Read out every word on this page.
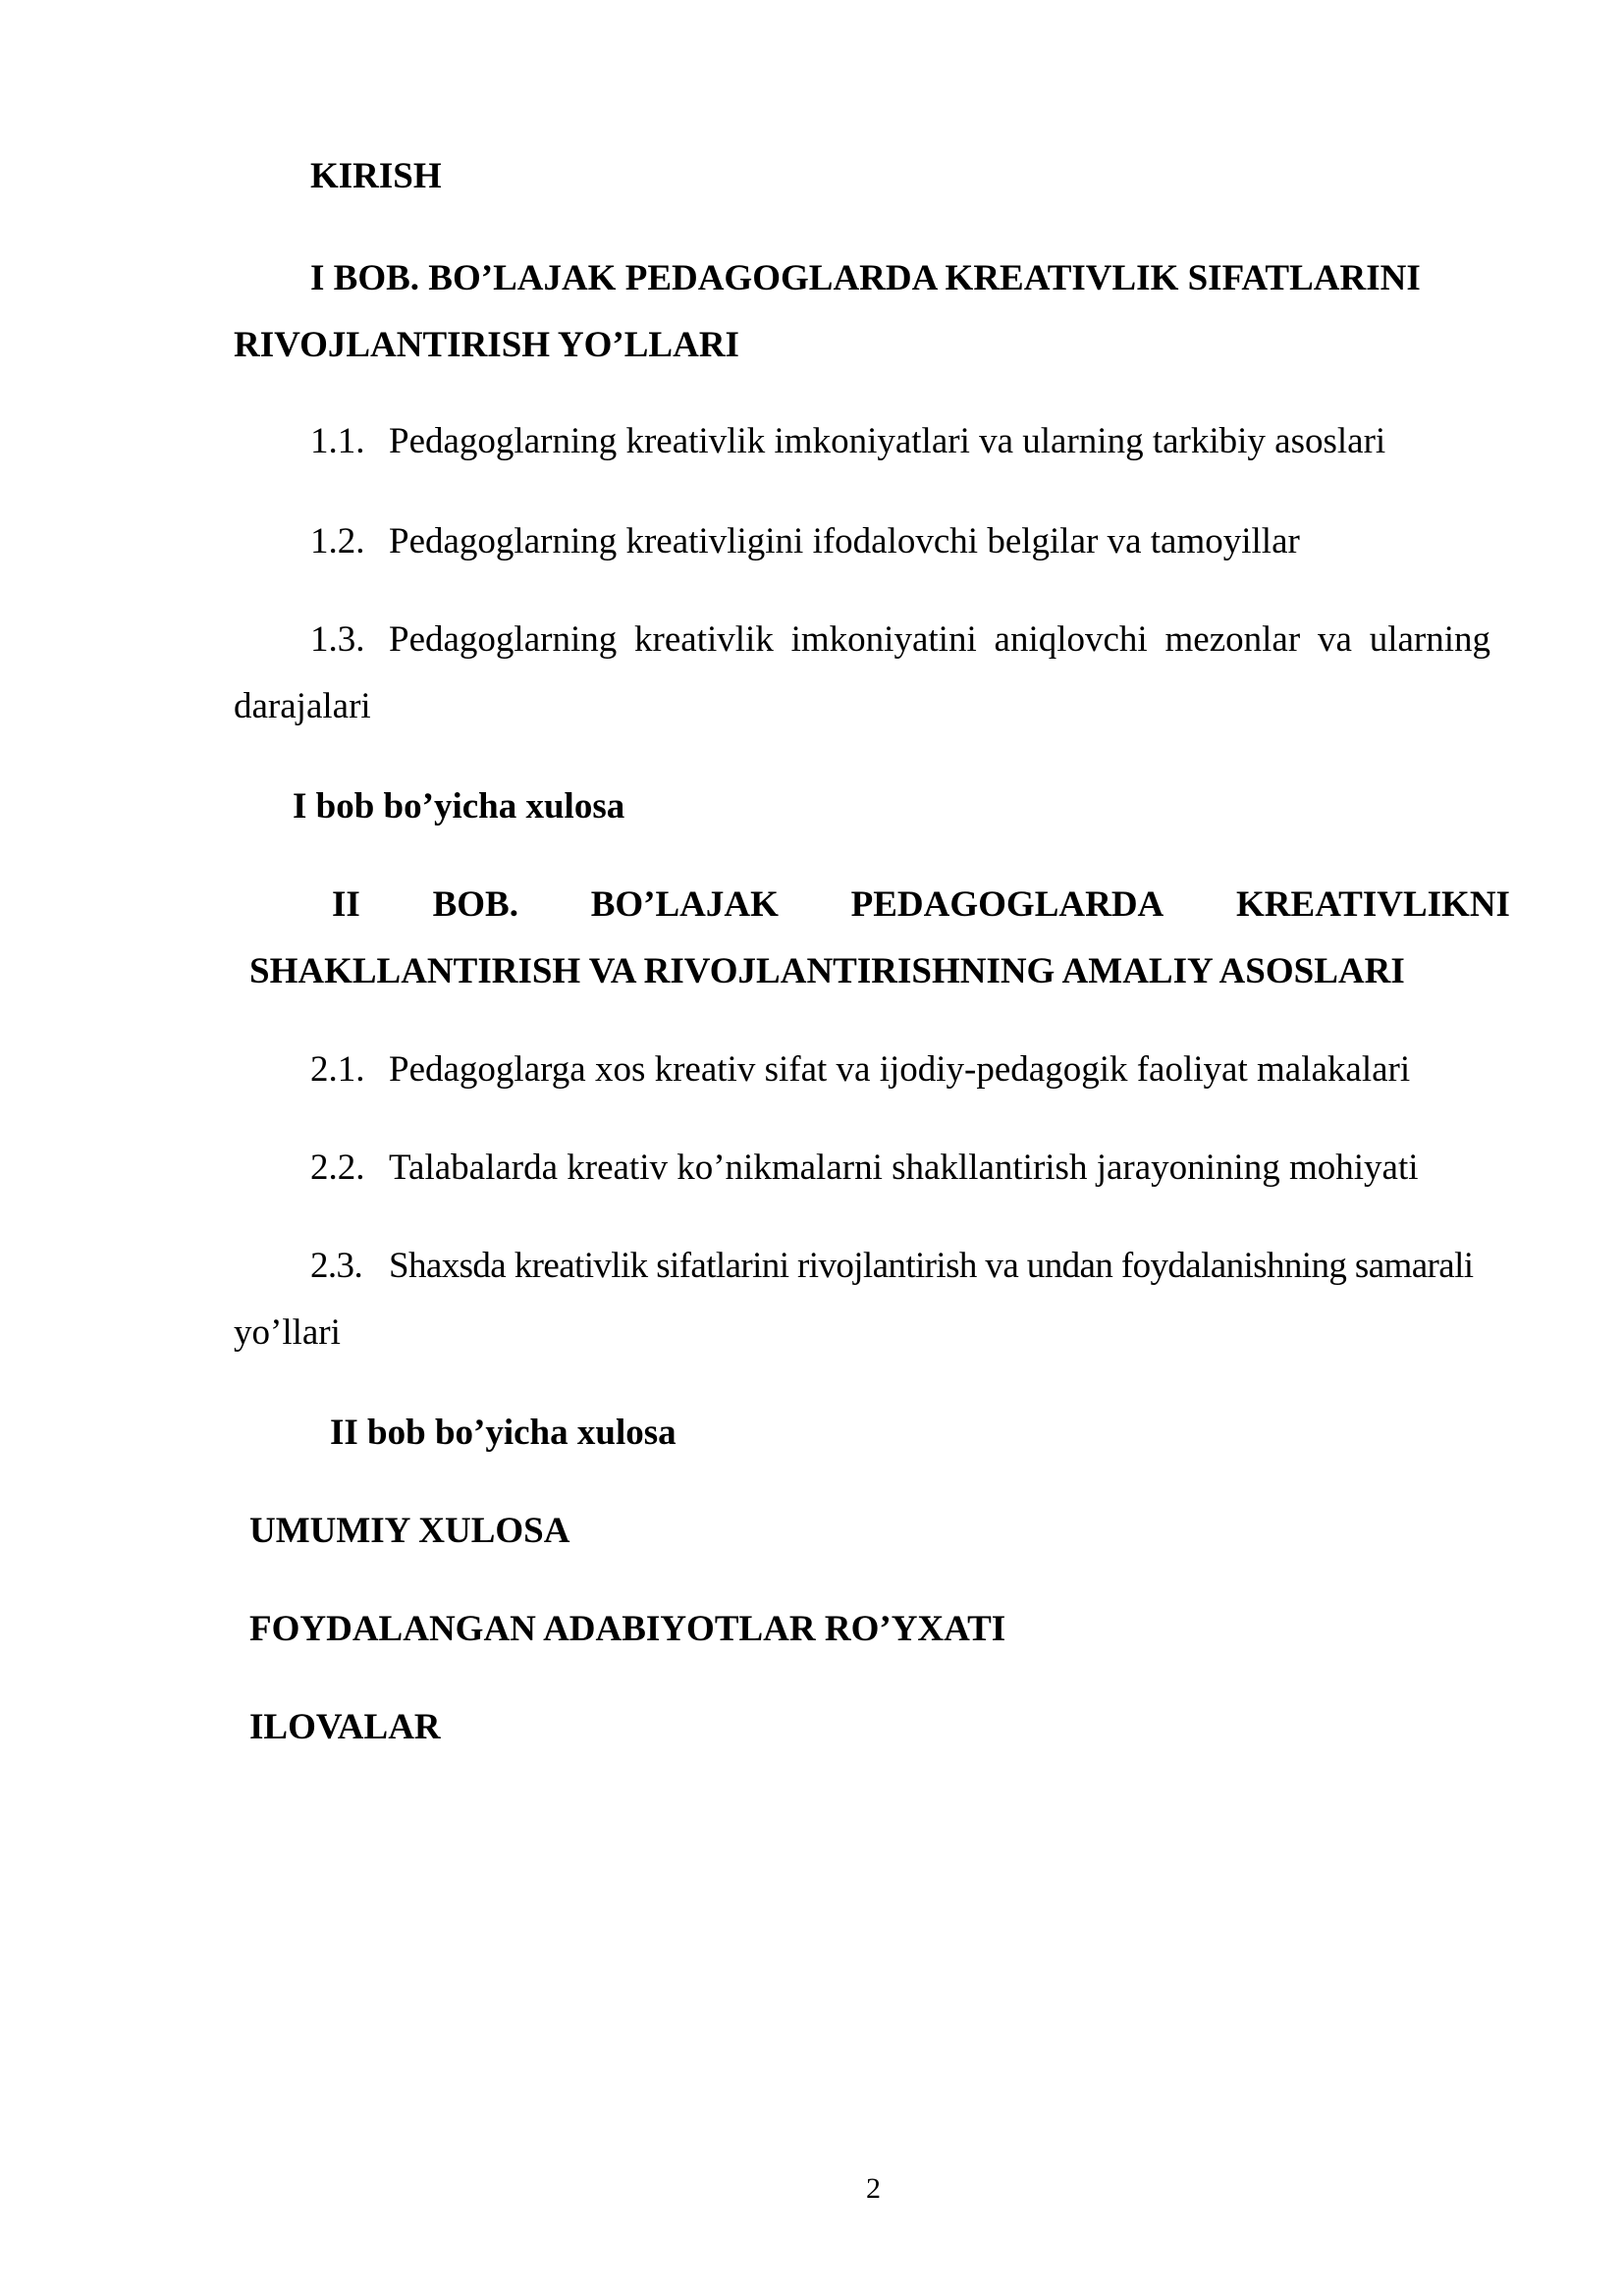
KIRISH

I BOB. BO’LAJAK PEDAGOGLARDA KREATIVLIK SIFATLARINI

RIVOJLANTIRISH YO’LLARI

1.1. Pedagoglarning kreativlik imkoniyatlari va ularning tarkibiy asoslari

1.2. Pedagoglarning kreativligini ifodalovchi belgilar va tamoyillar

1.3. Pedagoglarning kreativlik imkoniyatini aniqlovchi mezonlar va ularning

darajalari

I bob bo’yicha xulosa

II BOB. BO’LAJAK PEDAGOGLARDA KREATIVLIKNI

SHAKLLANTIRISH VA RIVOJLANTIRISHNING AMALIY ASOSLARI

2.1. Pedagoglarga xos kreativ sifat va ijodiy-pedagogik faoliyat malakalari

2.2. Talabalarda kreativ ko’nikmalarni shakllantirish jarayonining mohiyati

2.3. Shaxsda kreativlik sifatlarini rivojlantirish va undan foydalanishning samarali

yo’llari

II bob bo’yicha xulosa

UMUMIY XULOSA

FOYDALANGAN ADABIYOTLAR RO’YXATI

ILOVALAR

2
